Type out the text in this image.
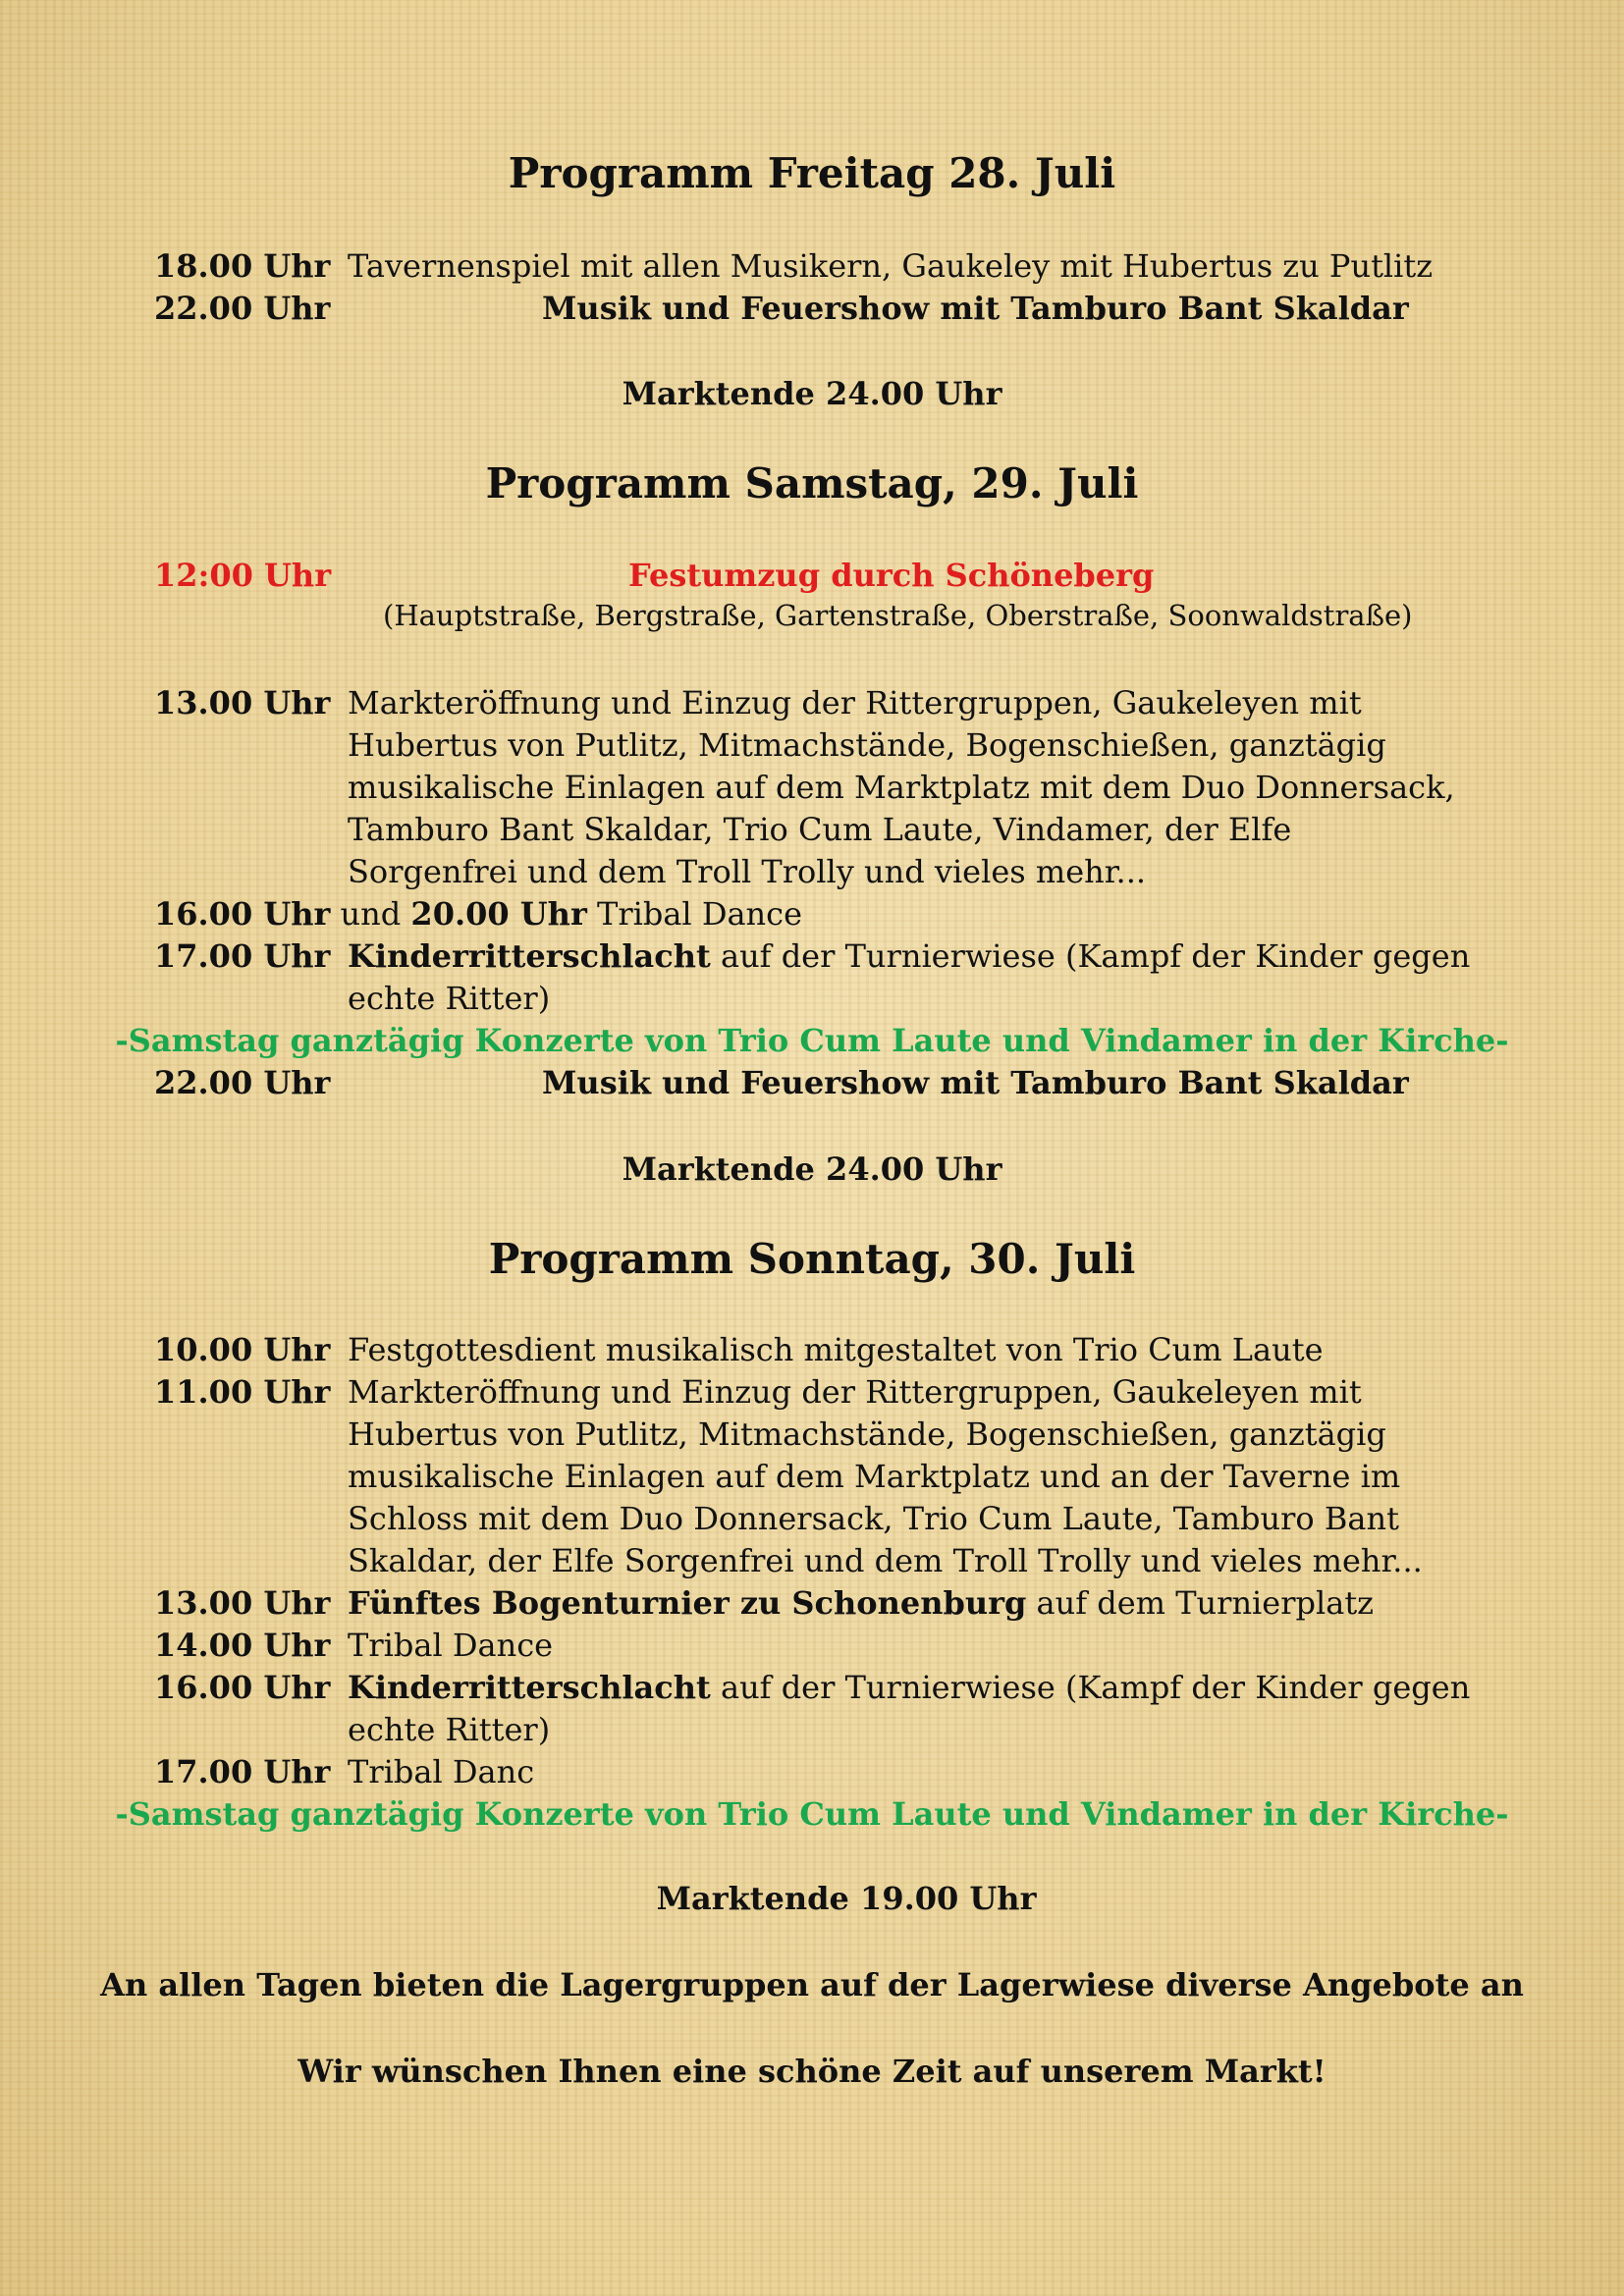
Programm Freitag 28. Juli
18.00 Uhr Tavernenspiel mit allen Musikern, Gaukeley mit Hubertus zu Putlitz
22.00 Uhr	Musik und Feuershow mit Tamburo Bant Skaldar
Marktende 24.00 Uhr
Programm Samstag, 29. Juli
12:00 Uhr	Festumzug durch Schöneberg
(Hauptstraße, Bergstraße, Gartenstraße, Oberstraße, Soonwaldstraße)
13.00 Uhr Markteröffnung und Einzug der Rittergruppen, Gaukeleyen mit
Hubertus von Putlitz, Mitmachstände, Bogenschießen, ganztägig
musikalische Einlagen auf dem Marktplatz mit dem Duo Donnersack,
Tamburo Bant Skaldar, Trio Cum Laute, Vindamer, der Elfe
Sorgenfrei und dem Troll Trolly und vieles mehr...
16.00 Uhr und 20.00 Uhr Tribal Dance
17.00 Uhr Kinderritterschlacht auf der Turnierwiese (Kampf der Kinder gegen
echte Ritter)
-Samstag ganztägig Konzerte von Trio Cum Laute und Vindamer in der Kirche-
22.00 Uhr	Musik und Feuershow mit Tamburo Bant Skaldar
Marktende 24.00 Uhr
Programm Sonntag, 30. Juli
10.00 Uhr Festgottesdient musikalisch mitgestaltet von Trio Cum Laute
11.00 Uhr Markteröffnung und Einzug der Rittergruppen, Gaukeleyen mit
Hubertus von Putlitz, Mitmachstände, Bogenschießen, ganztägig
musikalische Einlagen auf dem Marktplatz und an der Taverne im
Schloss mit dem Duo Donnersack, Trio Cum Laute, Tamburo Bant
Skaldar, der Elfe Sorgenfrei und dem Troll Trolly und vieles mehr...
13.00 Uhr Fünftes Bogenturnier zu Schonenburg auf dem Turnierplatz
14.00 Uhr Tribal Dance
16.00 Uhr Kinderritterschlacht auf der Turnierwiese (Kampf der Kinder gegen
echte Ritter)
17.00 Uhr Tribal Danc
-Samstag ganztägig Konzerte von Trio Cum Laute und Vindamer in der Kirche-
Marktende 19.00 Uhr
An allen Tagen bieten die Lagergruppen auf der Lagerwiese diverse Angebote an
Wir wünschen Ihnen eine schöne Zeit auf unserem Markt!
